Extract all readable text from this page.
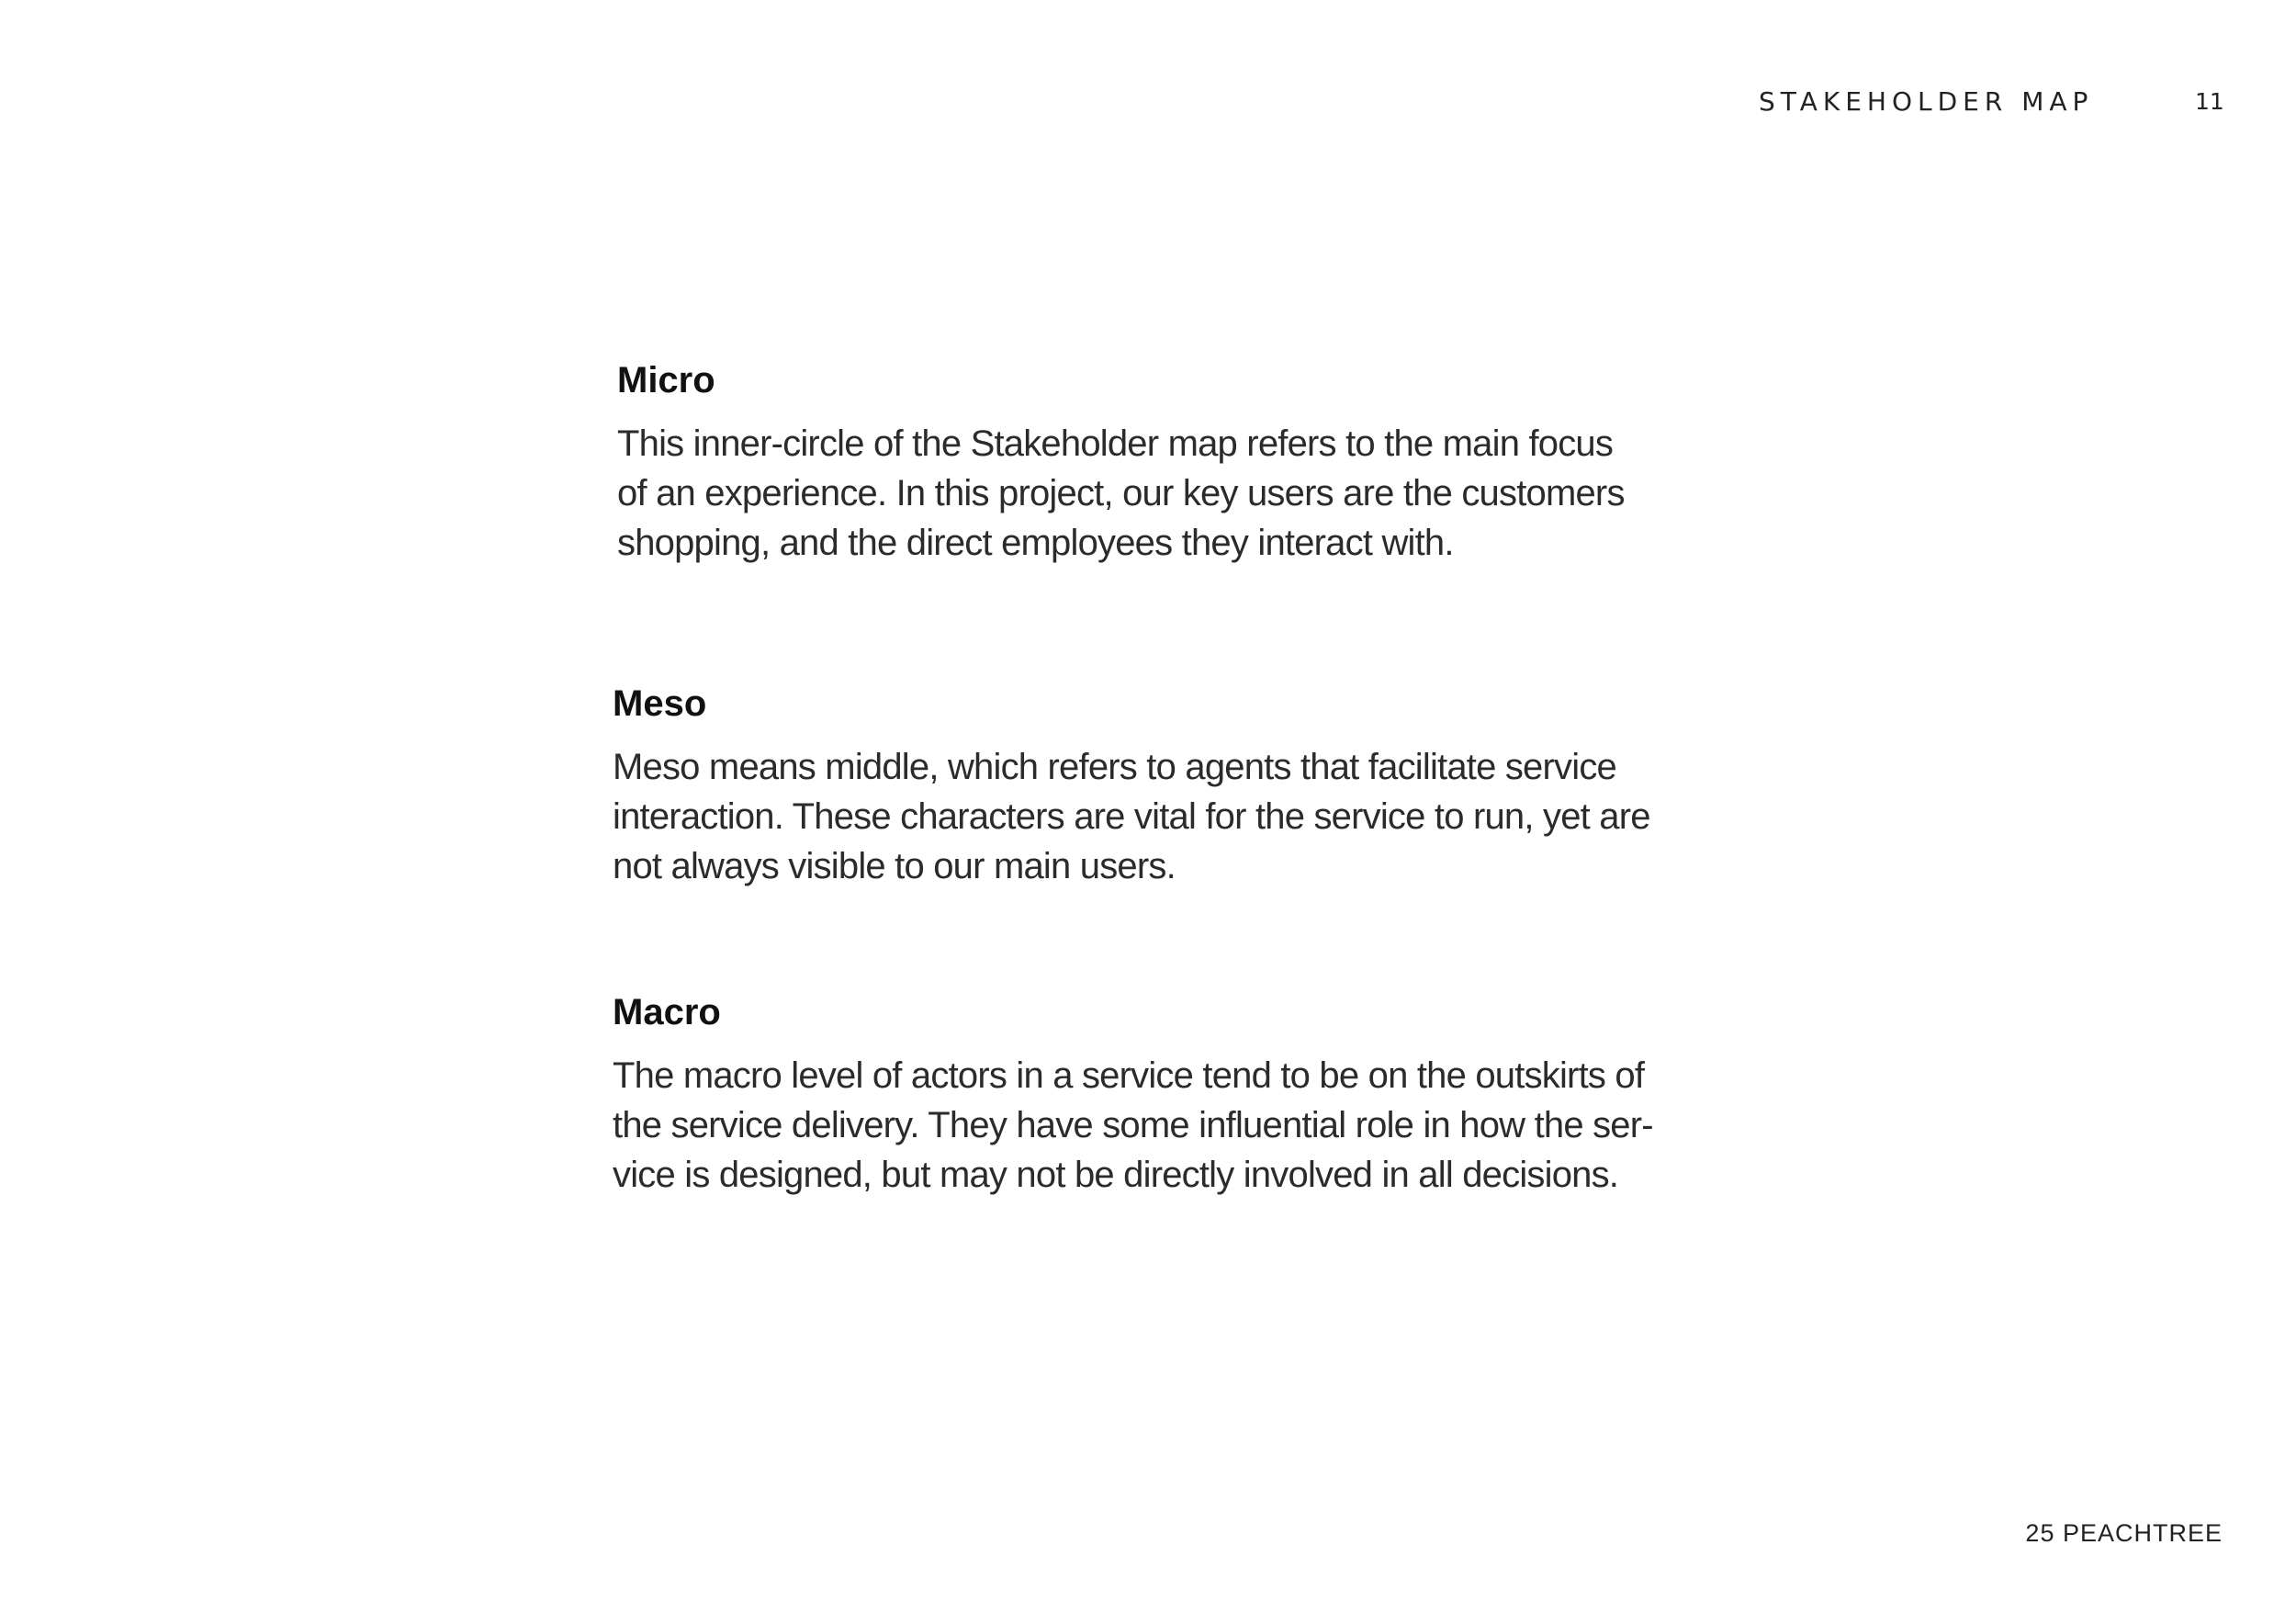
STAKEHOLDER MAP	11
Micro

This inner-circle of the Stakeholder map refers to the main focus
of an experience. In this project, our key users are the customers
shopping, and the direct employees they interact with.

Meso

Meso means middle, which refers to agents that facilitate service
interaction. These characters are vital for the service to run, yet are
not always visible to our main users.

Macro

The macro level of actors in a service tend to be on the outskirts of
the service delivery. They have some influential role in how the ser-
vice is designed, but may not be directly involved in all decisions.

25 PEACHTREE
